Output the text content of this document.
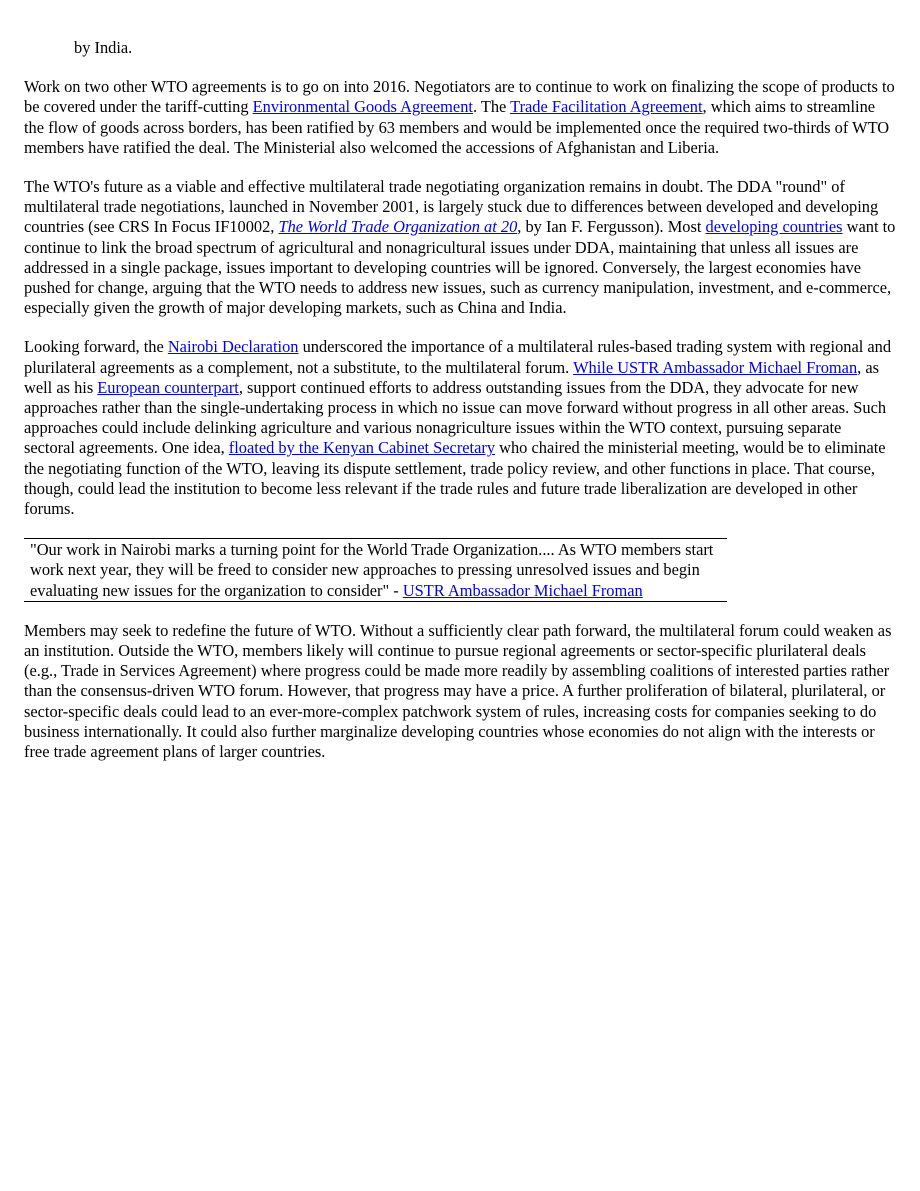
by India.

Work on two other WTO agreements is to go on into 2016. Negotiators are to continue to work on finalizing the scope of products to be covered under the tariff-cutting Environmental Goods Agreement. The Trade Facilitation Agreement, which aims to streamline the flow of goods across borders, has been ratified by 63 members and would be implemented once the required two-thirds of WTO members have ratified the deal. The Ministerial also welcomed the accessions of Afghanistan and Liberia.

The WTO's future as a viable and effective multilateral trade negotiating organization remains in doubt. The DDA "round" of multilateral trade negotiations, launched in November 2001, is largely stuck due to differences between developed and developing countries (see CRS In Focus IF10002, The World Trade Organization at 20, by Ian F. Fergusson). Most developing countries want to continue to link the broad spectrum of agricultural and nonagricultural issues under DDA, maintaining that unless all issues are addressed in a single package, issues important to developing countries will be ignored. Conversely, the largest economies have pushed for change, arguing that the WTO needs to address new issues, such as currency manipulation, investment, and e-commerce, especially given the growth of major developing markets, such as China and India.

Looking forward, the Nairobi Declaration underscored the importance of a multilateral rules-based trading system with regional and plurilateral agreements as a complement, not a substitute, to the multilateral forum. While USTR Ambassador Michael Froman, as well as his European counterpart, support continued efforts to address outstanding issues from the DDA, they advocate for new approaches rather than the single-undertaking process in which no issue can move forward without progress in all other areas. Such approaches could include delinking agriculture and various nonagriculture issues within the WTO context, pursuing separate sectoral agreements. One idea, floated by the Kenyan Cabinet Secretary who chaired the ministerial meeting, would be to eliminate the negotiating function of the WTO, leaving its dispute settlement, trade policy review, and other functions in place. That course, though, could lead the institution to become less relevant if the trade rules and future trade liberalization are developed in other forums.

"Our work in Nairobi marks a turning point for the World Trade Organization.... As WTO members start work next year, they will be freed to consider new approaches to pressing unresolved issues and begin evaluating new issues for the organization to consider" - USTR Ambassador Michael Froman

Members may seek to redefine the future of WTO. Without a sufficiently clear path forward, the multilateral forum could weaken as an institution. Outside the WTO, members likely will continue to pursue regional agreements or sector-specific plurilateral deals (e.g., Trade in Services Agreement) where progress could be made more readily by assembling coalitions of interested parties rather than the consensus-driven WTO forum. However, that progress may have a price. A further proliferation of bilateral, plurilateral, or sector-specific deals could lead to an ever-more-complex patchwork system of rules, increasing costs for companies seeking to do business internationally. It could also further marginalize developing countries whose economies do not align with the interests or free trade agreement plans of larger countries.
